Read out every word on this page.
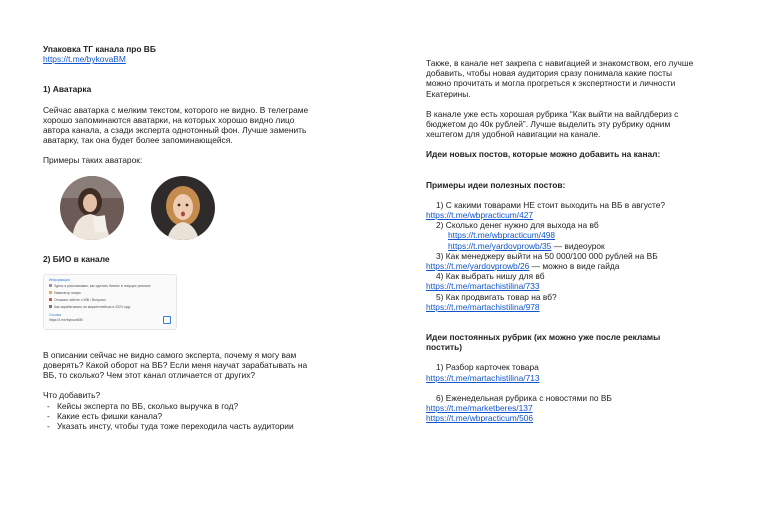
Упаковка ТГ канала про ВБ

https://t.me/bykovaBM

1) Аватарка

Сейчас аватарка с мелким текстом, которого не видно. В телеграме

хорошо запоминаются аватарки, на которых хорошо видно лицо

автора канала, а сзади эксперта однотонный фон. Лучше заменить

аватарку, так она будет более запоминающейся.

Примеры таких аватарок:

2) БИО в канале

Информация
Здесь я рассказываю, как сделать бизнес в текущих реалиях
Навигатор пиара
Отказать заботе о WB / Вопросы
Как зарабатывать на маркетплейсах в 2023 году
Ссылка
https://t.me/bykovaBM

В описании сейчас не видно самого эксперта, почему я могу вам

доверять? Какой оборот на ВБ? Если меня научат зарабатывать на

ВБ, то сколько? Чем этот канал отличается от других?

Что добавить?

- Кейсы эксперта по ВБ, сколько выручка в год?

- Какие есть фишки канала?

- Указать инсту, чтобы туда тоже переходила часть аудитории

Также, в канале нет закрепа с навигацией и знакомством, его лучше

добавить, чтобы новая аудитория сразу понимала какие посты

можно прочитать и могла прогреться к экспертности и личности

Екатерины.

В канале уже есть хорошая рубрика “Как выйти на вайлдбериз с

бюджетом до 40к рублей”. Лучше выделить эту рубрику одним

хештегом для удобной навигации на канале.

Идеи новых постов, которые можно добавить на канал:

Примеры идеи полезных постов:

1) С какими товарами НЕ стоит выходить на ВБ в августе?

https://t.me/wbpracticum/427

2) Сколько денег нужно для выхода на вб

https://t.me/wbpracticum/498

https://t.me/yardovprowb/35 — видеоурок

3) Как менеджеру выйти на 50 000/100 000 рублей на ВБ

https://t.me/yardovprowb/26 — можно в виде гайда

4) Как выбрать нишу для вб

https://t.me/martachistilina/733

5) Как продвигать товар на вб?

https://t.me/martachistilina/978

Идеи постоянных рубрик (их можно уже после рекламы

постить)

1) Разбор карточек товара

https://t.me/martachistilina/713

6) Еженедельная рубрика с новостями по ВБ

https://t.me/marketberes/137

https://t.me/wbpracticum/506
